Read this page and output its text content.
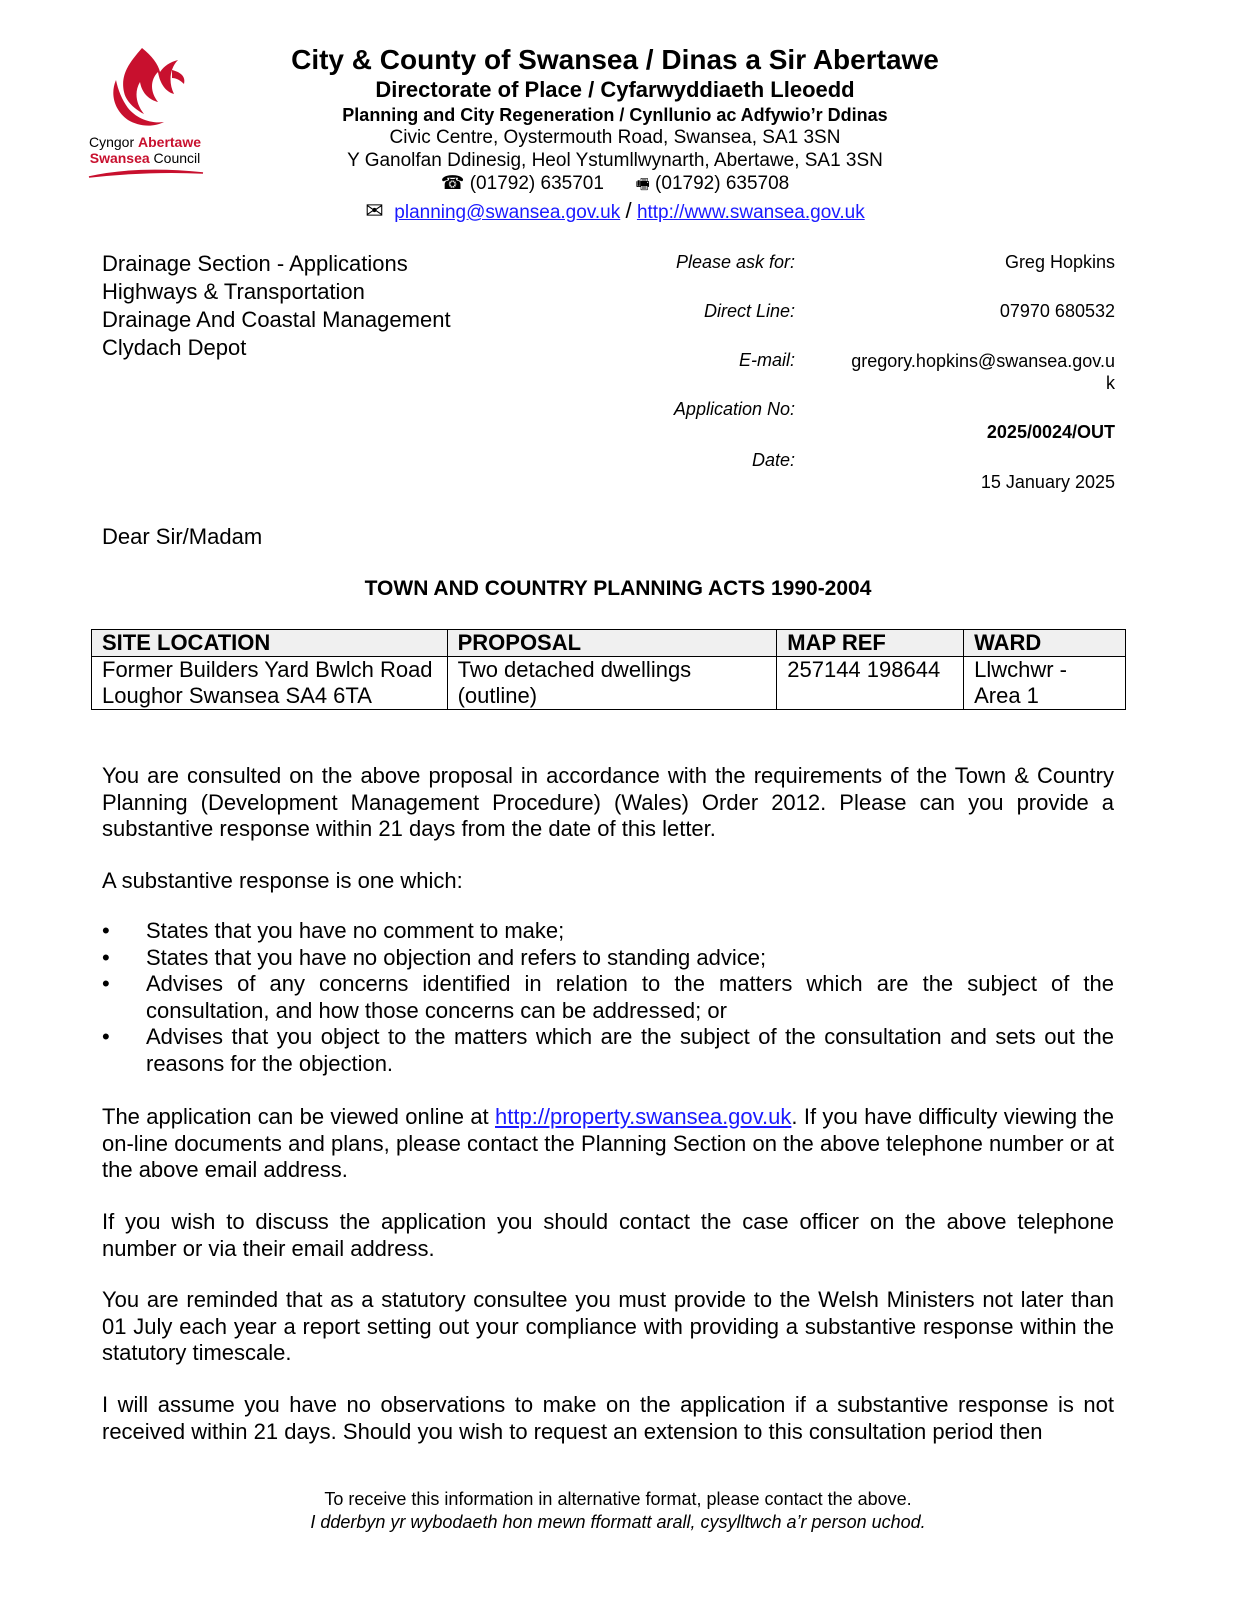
Cyngor Abertawe
Swansea Council
City & County of Swansea / Dinas a Sir Abertawe
Directorate of Place / Cyfarwyddiaeth Lleoedd
Planning and City Regeneration / Cynllunio ac Adfywio’r Ddinas
Civic Centre, Oystermouth Road, Swansea, SA1 3SN
Y Ganolfan Ddinesig, Heol Ystumllwynarth, Abertawe, SA1 3SN
☎ (01792) 635701 🖷 (01792) 635708
✉ planning@swansea.gov.uk / http://www.swansea.gov.uk
Drainage Section - Applications
Highways & Transportation
Drainage And Coastal Management
Clydach Depot
Please ask for:	Greg Hopkins
Direct Line:	07970 680532
E-mail:	gregory.hopkins@swansea.gov.u
k
Application No:
2025/0024/OUT
Date:
15 January 2025
Dear Sir/Madam
TOWN AND COUNTRY PLANNING ACTS 1990-2004
SITE LOCATION	PROPOSAL	MAP REF	WARD
Former Builders Yard Bwlch Road Loughor Swansea SA4 6TA	Two detached dwellings (outline)	257144 198644	Llwchwr - Area 1
You are consulted on the above proposal in accordance with the requirements of the Town & Country Planning (Development Management Procedure) (Wales) Order 2012. Please can you provide a substantive response within 21 days from the date of this letter.
A substantive response is one which:
• States that you have no comment to make;
• States that you have no objection and refers to standing advice;
• Advises of any concerns identified in relation to the matters which are the subject of the consultation, and how those concerns can be addressed; or
• Advises that you object to the matters which are the subject of the consultation and sets out the reasons for the objection.
The application can be viewed online at http://property.swansea.gov.uk. If you have difficulty viewing the on-line documents and plans, please contact the Planning Section on the above telephone number or at the above email address.
If you wish to discuss the application you should contact the case officer on the above telephone number or via their email address.
You are reminded that as a statutory consultee you must provide to the Welsh Ministers not later than 01 July each year a report setting out your compliance with providing a substantive response within the statutory timescale.
I will assume you have no observations to make on the application if a substantive response is not received within 21 days. Should you wish to request an extension to this consultation period then
To receive this information in alternative format, please contact the above.
I dderbyn yr wybodaeth hon mewn fformatt arall, cysylltwch a’r person uchod.
